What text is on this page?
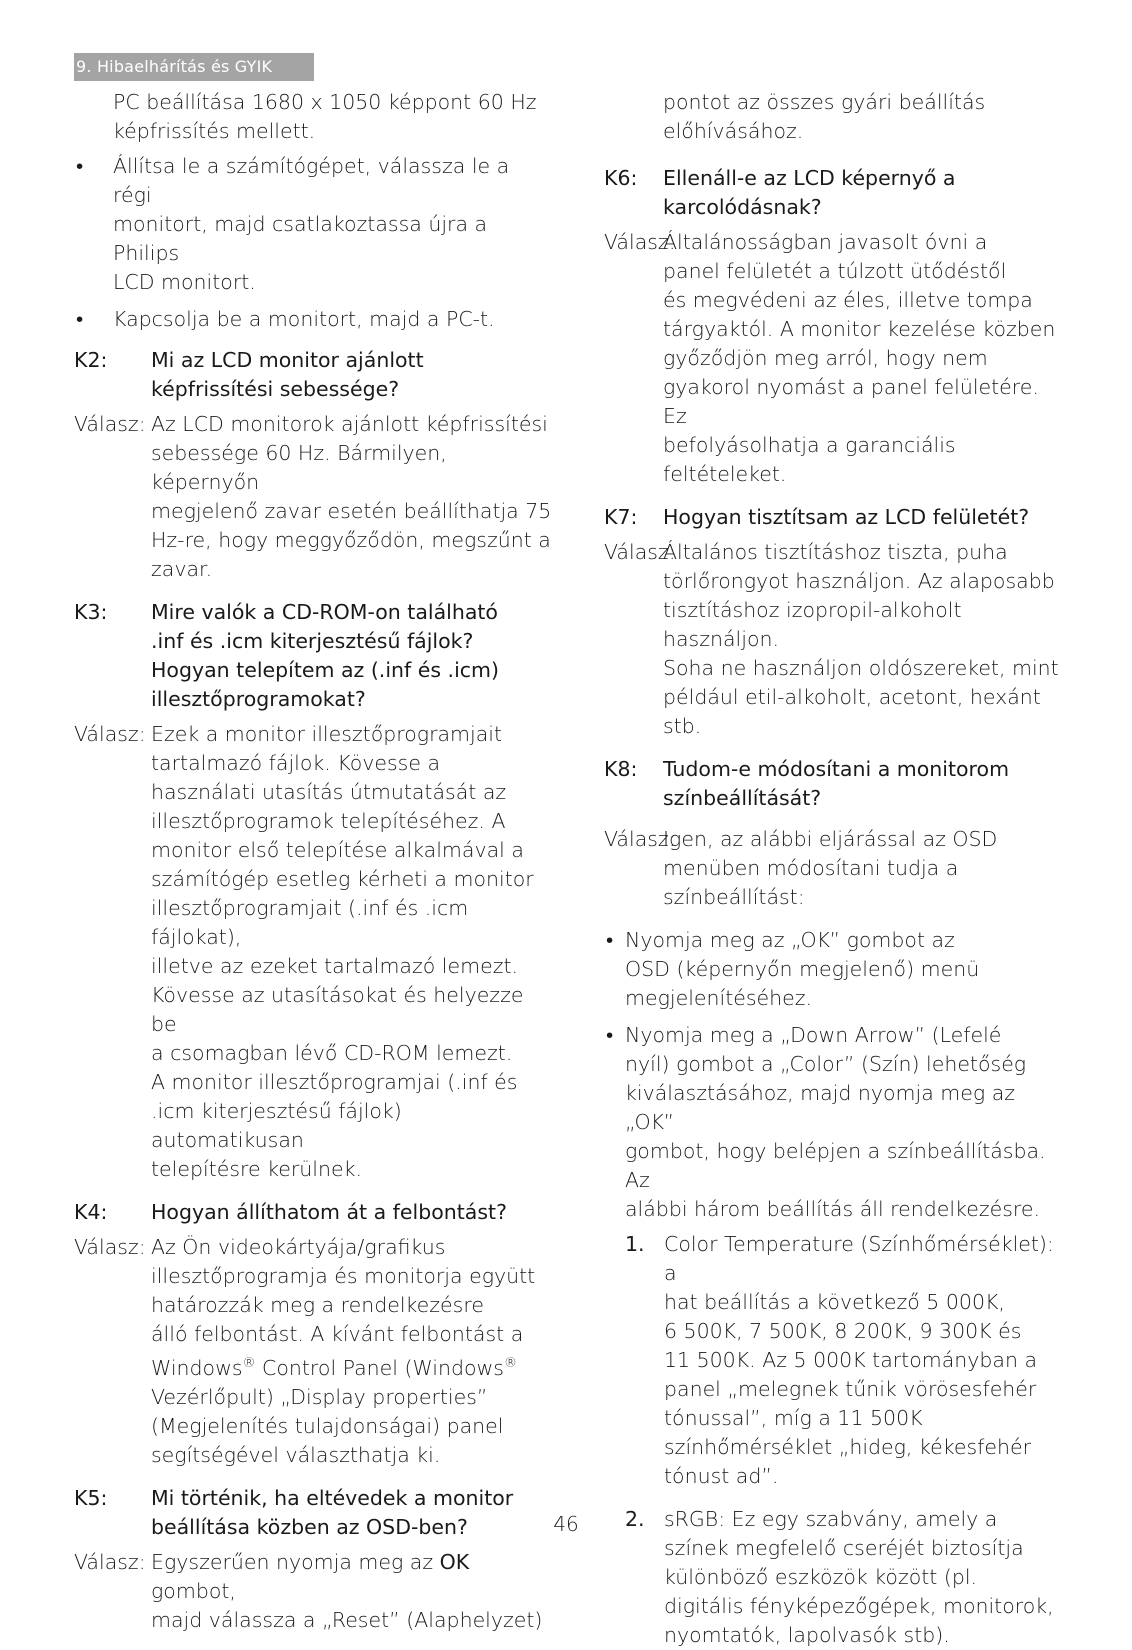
9. Hibaelhárítás és GYIK
PC beállítása 1680 x 1050 képpont 60 Hz
képfrissítés mellett.
•	Állítsa le a számítógépet, válassza le a régi
monitort, majd csatlakoztassa újra a Philips
LCD monitort.
•	Kapcsolja be a monitort, majd a PC-t.
K2:	Mi az LCD monitor ajánlott
képfrissítési sebessége?
Válasz: Az LCD monitorok ajánlott képfrissítési
sebessége 60 Hz. Bármilyen, képernyőn
megjelenő zavar esetén beállíthatja 75
Hz-re, hogy meggyőződön, megszűnt a
zavar.
K3:	Mire valók a CD-ROM-on található
.inf és .icm kiterjesztésű fájlok?
Hogyan telepítem az (.inf és .icm)
illesztőprogramokat?
Válasz: Ezek a monitor illesztőprogramjait
tartalmazó fájlok. Kövesse a
használati utasítás útmutatását az
illesztőprogramok telepítéséhez. A
monitor első telepítése alkalmával a
számítógép esetleg kérheti a monitor
illesztőprogramjait (.inf és .icm fájlokat),
illetve az ezeket tartalmazó lemezt.
Kövesse az utasításokat és helyezze be
a csomagban lévő CD-ROM lemezt.
A monitor illesztőprogramjai (.inf és
.icm kiterjesztésű fájlok) automatikusan
telepítésre kerülnek.
K4:	Hogyan állíthatom át a felbontást?
Válasz: Az Ön videokártyája/grafikus
illesztőprogramja és monitorja együtt
határozzák meg a rendelkezésre
álló felbontást. A kívánt felbontást a
Windows® Control Panel (Windows®
Vezérlőpult) „Display properties”
(Megjelenítés tulajdonságai) panel
segítségével választhatja ki.
K5:	Mi történik, ha eltévedek a monitor
beállítása közben az OSD-ben?
Válasz: Egyszerűen nyomja meg az OK gombot,
majd válassza a „Reset” (Alaphelyzet)
pontot az összes gyári beállítás
előhívásához.
K6:	Ellenáll-e az LCD képernyő a
karcolódásnak?
Válasz:
Általánosságban javasolt óvni a
panel felületét a túlzott ütődéstől
és megvédeni az éles, illetve tompa
tárgyaktól. A monitor kezelése közben
győződjön meg arról, hogy nem
gyakorol nyomást a panel felületére. Ez
befolyásolhatja a garanciális feltételeket.
K7:	Hogyan tisztítsam az LCD felületét?
Válasz:
Általános tisztításhoz tiszta, puha
törlőrongyot használjon. Az alaposabb
tisztításhoz izopropil-alkoholt használjon.
Soha ne használjon oldószereket, mint
például etil-alkoholt, acetont, hexánt stb.
K8:	Tudom-e módosítani a monitorom
színbeállítását?
Válasz:
Igen, az alábbi eljárással az OSD
menüben módosítani tudja a
színbeállítást:
• Nyomja meg az „OK” gombot az
OSD (képernyőn megjelenő) menü
megjelenítéséhez.
• Nyomja meg a „Down Arrow” (Lefelé
nyíl) gombot a „Color” (Szín) lehetőség
kiválasztásához, majd nyomja meg az „OK”
gombot, hogy belépjen a színbeállításba. Az
alábbi három beállítás áll rendelkezésre.
1. Color Temperature (Színhőmérséklet): a
hat beállítás a következő 5 000K,
6 500K, 7 500K, 8 200K, 9 300K és
11 500K. Az 5 000K tartományban a
panel „melegnek tűnik vörösesfehér
tónussal”, míg a 11 500K
színhőmérséklet „hideg, kékesfehér
tónust ad”.
2. sRGB: Ez egy szabvány, amely a
színek megfelelő cseréjét biztosítja
különböző eszközök között (pl.
digitális fényképezőgépek, monitorok,
nyomtatók, lapolvasók stb).
46
